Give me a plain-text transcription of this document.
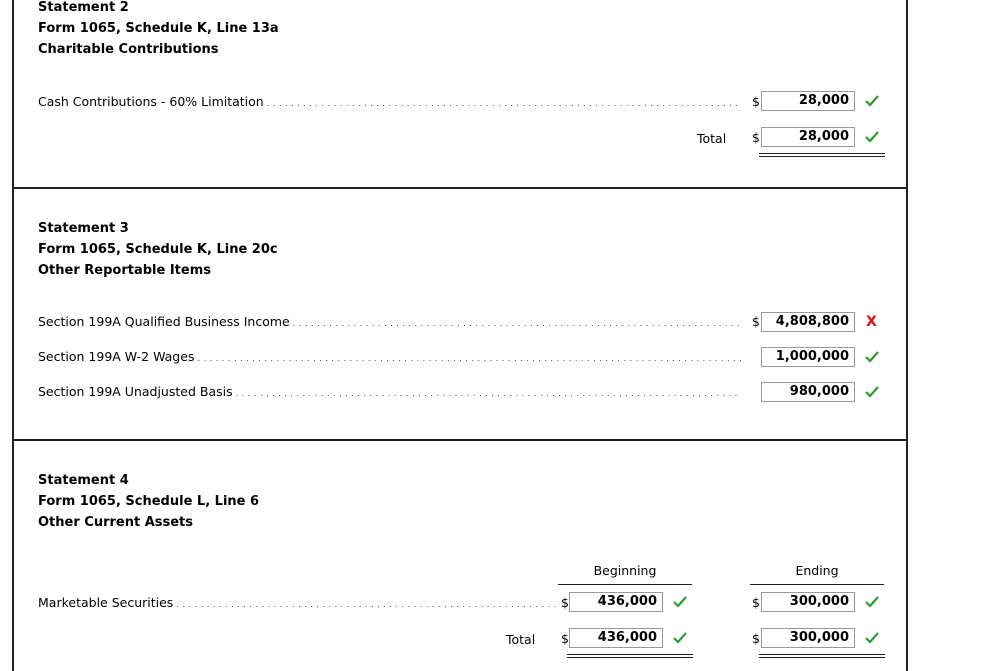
Statement 2
Form 1065, Schedule K, Line 13a
Charitable Contributions
Cash Contributions - 60% Limitation . . .	$	28,000
Total $	28,000
Statement 3
Form 1065, Schedule K, Line 20c
Other Reportable Items
Section 199A Qualified Business Income . . .	$	4,808,800	X
Section 199A W-2 Wages . . .	1,000,000
Section 199A Unadjusted Basis . . .	980,000
Statement 4
Form 1065, Schedule L, Line 6
Other Current Assets
Beginning	Ending
Marketable Securities . . .	$	436,000	$	300,000
Total $	436,000	$	300,000
